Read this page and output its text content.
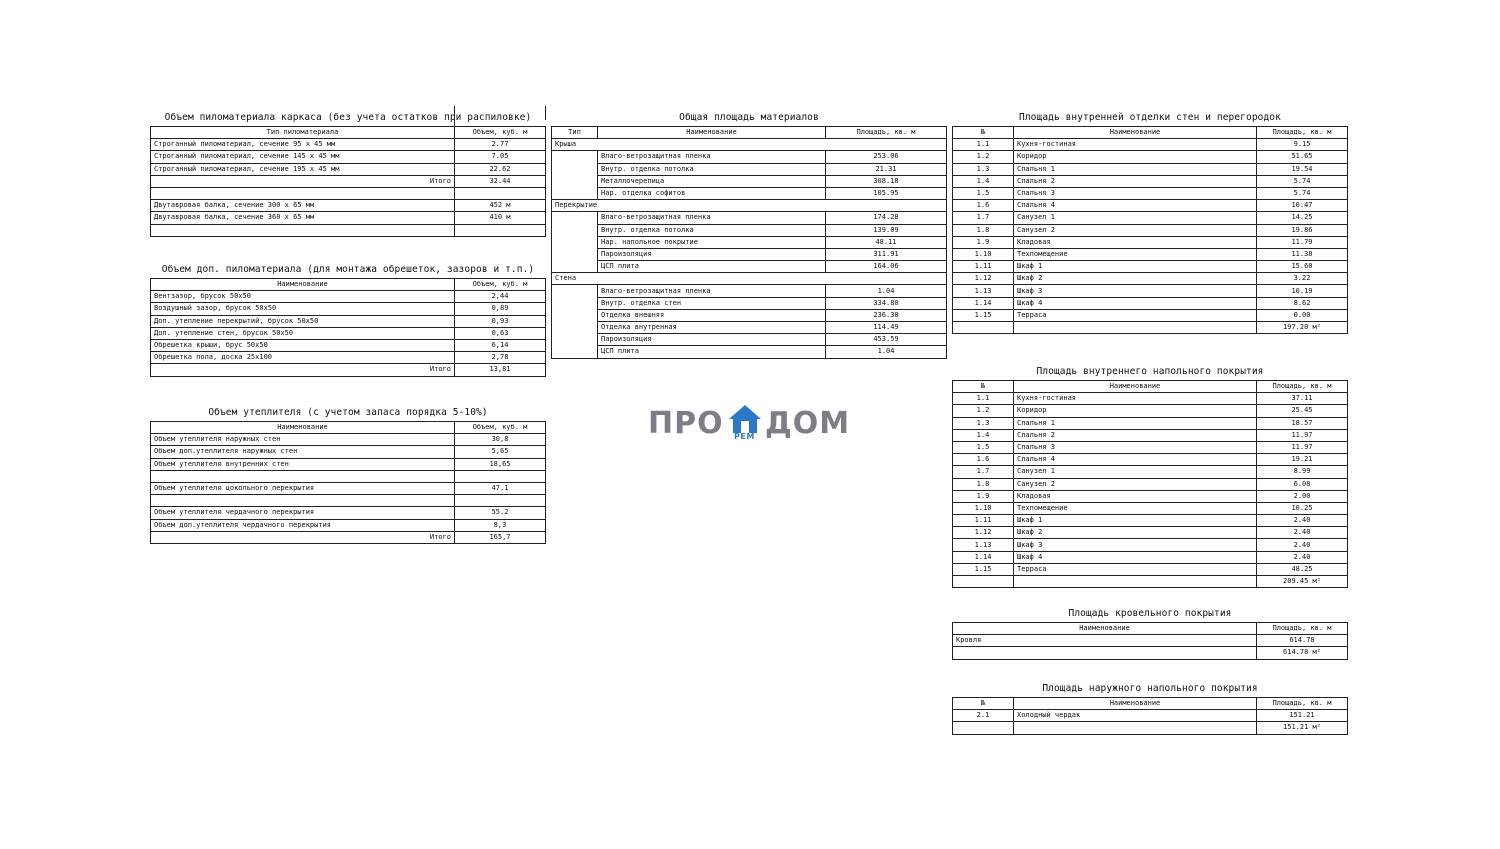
Объем пиломатериала каркаса (без учета остатков при распиловке)
Тип пиломатериала	Объем, куб. м
Строганный пиломатериал, сечение 95 х 45 мм	2.77
Строганный пиломатериал, сечение 145 х 45 мм	7.05
Строганный пиломатериал, сечение 195 х 45 мм	22.62
Итого	32.44

Двутавровая балка, сечение 300 х 65 мм	452 м
Двутавровая балка, сечение 360 х 65 мм	410 м

Объем доп. пиломатериала (для монтажа обрешеток, зазоров и т.п.)
Наименование	Объем, куб. м
Вентзазор, брусок 50х50	2,44
Воздушный зазор, брусок 50х50	0,89
Доп. утепление перекрытий, брусок 50х50	0,93
Доп. утепление стен, брусок 50х50	0,63
Обрешетка крыши, брус 50х50	6,14
Обрешетка пола, доска 25х100	2,78
Итого	13,81
Объем утеплителя (с учетом запаса порядка 5-10%)
Наименование	Объем, куб. м
Объем утеплителя наружных стен	30,8
Объем доп.утеплителя наружных стен	5,65
Объем утеплителя внутренних стен	18,65

Объем утеплителя цокольного перекрытия	47.1

Объем утеплителя чердачного перекрытия	55.2
Объем доп.утеплителя чердачного перекрытия	8,3
Итого	165,7
Общая площадь материалов
Тип	Наименование	Площадь, кв. м
Крыша		
	Влаго-ветрозащитная пленка	253.06
	Внутр. отделка потолка	21.31
	Металлочерепица	308.18
	Нар. отделка софитов	105.95
Перекрытие		
	Влаго-ветрозащитная пленка	174.28
	Внутр. отделка потолка	139.09
	Нар. напольное покрытие	48.11
	Пароизоляция	311.91
	ЦСП плита	164.06
Стена		
	Влаго-ветрозащитная пленка	1.04
	Внутр. отделка стен	334.80
	Отделка внешняя	236.30
	Отделка внутренная	114.49
	Пароизоляция	453.59
	ЦСП плита	1.04
ПРО РЕМ ДОМ
Площадь внутренней отделки стен и перегородок
№	Наименование	Площадь, кв. м
1.1	Кухня-гостиная	9.15
1.2	Коридор	51.65
1.3	Спальня 1	19.54
1.4	Спальня 2	5.74
1.5	Спальня 3	5.74
1.6	Спальня 4	10.47
1.7	Санузел 1	14.25
1.8	Санузел 2	19.86
1.9	Кладовая	11.79
1.10	Техпомещение	11.38
1.11	Шкаф 1	15.60
1.12	Шкаф 2	3.22
1.13	Шкаф 3	10.19
1.14	Шкаф 4	8.62
1.15	Терраса	0.00
		197.20 м²
Площадь внутреннего напольного покрытия
№	Наименование	Площадь, кв. м
1.1	Кухня-гостиная	37.11
1.2	Коридор	25.45
1.3	Спальня 1	18.57
1.4	Спальня 2	11.97
1.5	Спальня 3	11.97
1.6	Спальня 4	19.21
1.7	Санузел 1	8.99
1.8	Санузел 2	6.08
1.9	Кладовая	2.00
1.10	Техпомещение	10.25
1.11	Шкаф 1	2.40
1.12	Шкаф 2	2.40
1.13	Шкаф 3	2.40
1.14	Шкаф 4	2.40
1.15	Терраса	48.25
		209.45 м²
Площадь кровельного покрытия
Наименование	Площадь, кв. м
Кровля	614.78
	614.78 м²
Площадь наружного напольного покрытия
№	Наименование	Площадь, кв. м
2.1	Холодный чердак	151.21
		151.21 м²
